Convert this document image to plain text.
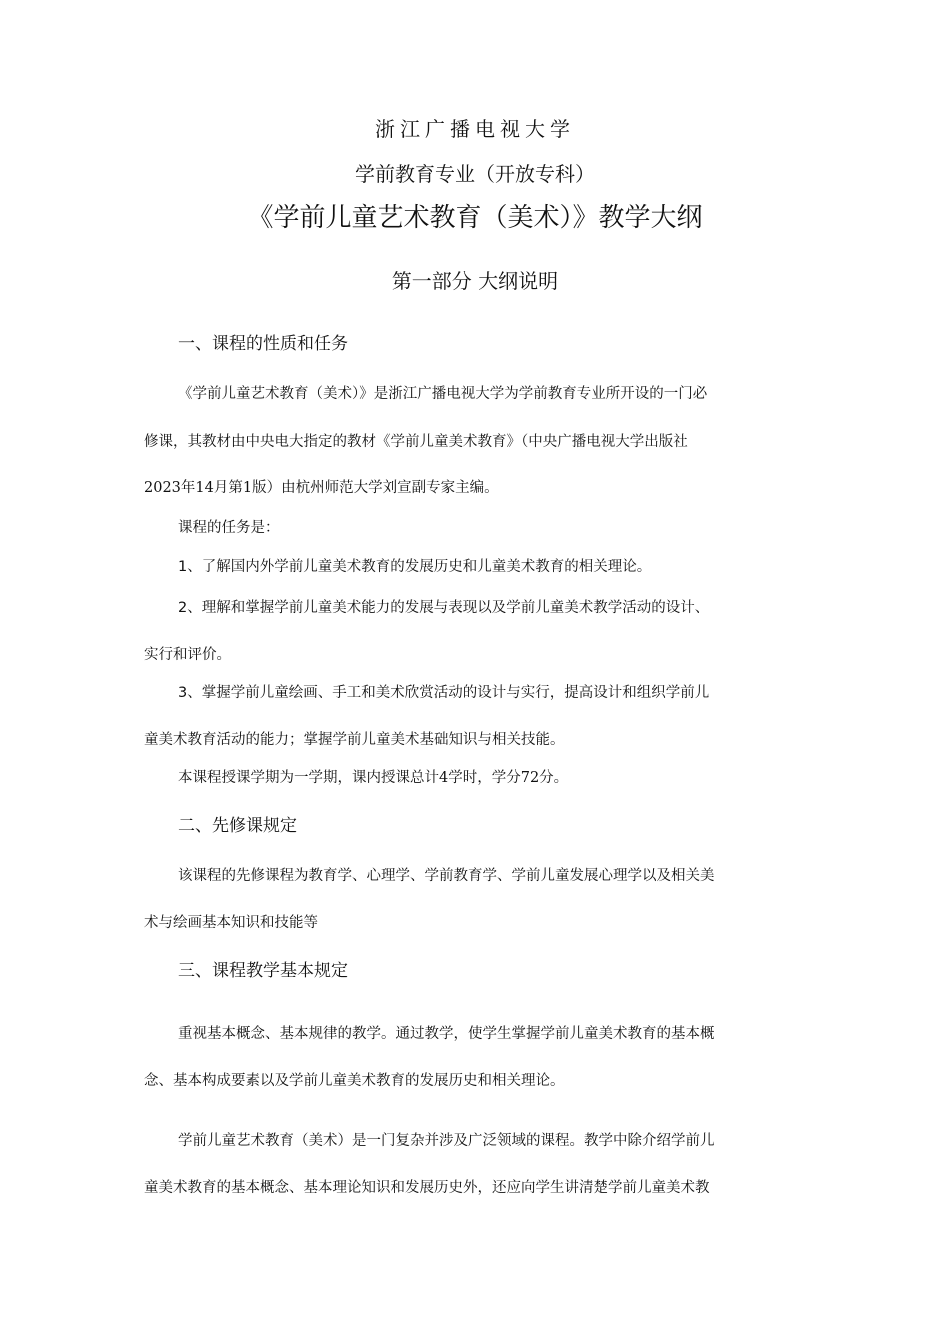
浙江广播电视大学
学前教育专业（开放专科）
《学前儿童艺术教育（美术）》教学大纲
第一部分 大纲说明
一、课程的性质和任务
《学前儿童艺术教育（美术）》是浙江广播电视大学为学前教育专业所开设的一门必
修课，其教材由中央电大指定的教材《学前儿童美术教育》（中央广播电视大学出版社
2023年14月第1版）由杭州师范大学刘宣副专家主编。
课程的任务是：
1、了解国内外学前儿童美术教育的发展历史和儿童美术教育的相关理论。
2、理解和掌握学前儿童美术能力的发展与表现以及学前儿童美术教学活动的设计、
实行和评价。
3、掌握学前儿童绘画、手工和美术欣赏活动的设计与实行，提高设计和组织学前儿
童美术教育活动的能力；掌握学前儿童美术基础知识与相关技能。
本课程授课学期为一学期，课内授课总计4学时，学分72分。
二、先修课规定
该课程的先修课程为教育学、心理学、学前教育学、学前儿童发展心理学以及相关美
术与绘画基本知识和技能等
三、课程教学基本规定
重视基本概念、基本规律的教学。通过教学，使学生掌握学前儿童美术教育的基本概
念、基本构成要素以及学前儿童美术教育的发展历史和相关理论。
学前儿童艺术教育（美术）是一门复杂并涉及广泛领域的课程。教学中除介绍学前儿
童美术教育的基本概念、基本理论知识和发展历史外，还应向学生讲清楚学前儿童美术教
